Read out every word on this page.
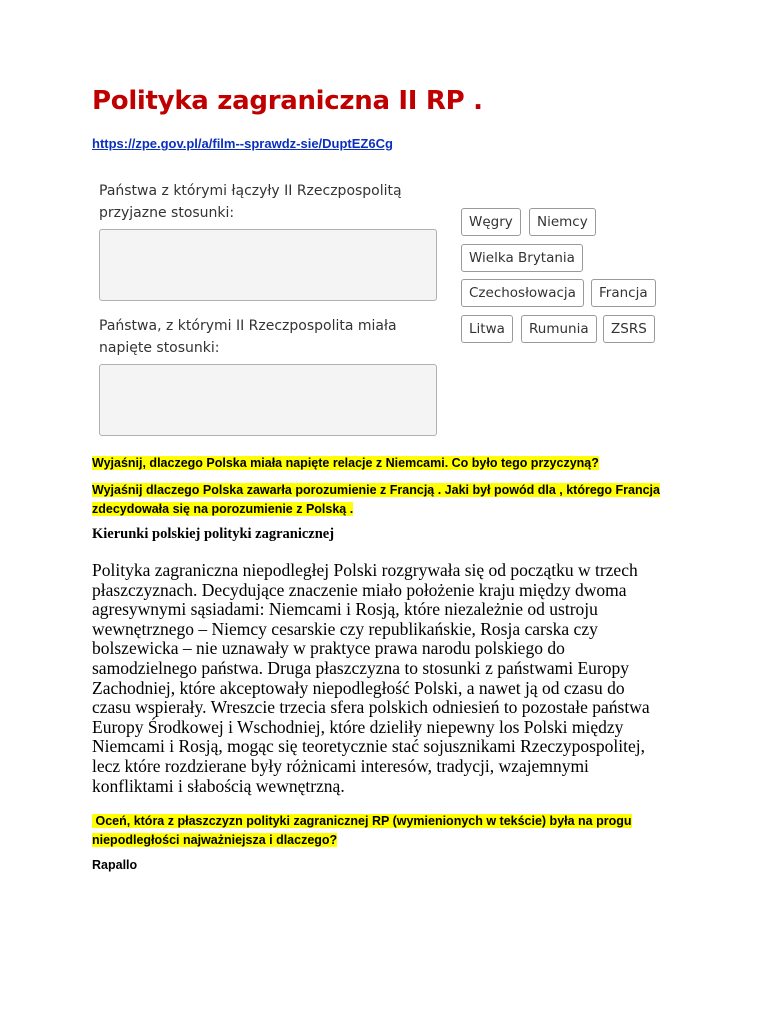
Polityka zagraniczna II RP .
https://zpe.gov.pl/a/film--sprawdz-sie/DuptEZ6Cg
Państwa z którymi łączyły II Rzeczpospolitą przyjazne stosunki:
Państwa, z którymi II Rzeczpospolita miała napięte stosunki:
Węgry	Niemcy
Wielka Brytania
Czechosłowacja	Francja
Litwa	Rumunia	ZSRS
Wyjaśnij, dlaczego Polska miała napięte relacje z Niemcami. Co było tego przyczyną?
Wyjaśnij dlaczego Polska zawarła porozumienie z Francją . Jaki był powód dla , którego Francja
zdecydowała się na porozumienie z Polską .
Kierunki polskiej polityki zagranicznej
Polityka zagraniczna niepodległej Polski rozgrywała się od początku w trzech
płaszczyznach. Decydujące znaczenie miało położenie kraju między dwoma
agresywnymi sąsiadami: Niemcami i Rosją, które niezależnie od ustroju
wewnętrznego – Niemcy cesarskie czy republikańskie, Rosja carska czy
bolszewicka – nie uznawały w praktyce prawa narodu polskiego do
samodzielnego państwa. Druga płaszczyzna to stosunki z państwami Europy
Zachodniej, które akceptowały niepodległość Polski, a nawet ją od czasu do
czasu wspierały. Wreszcie trzecia sfera polskich odniesień to pozostałe państwa
Europy Środkowej i Wschodniej, które dzieliły niepewny los Polski między
Niemcami i Rosją, mogąc się teoretycznie stać sojusznikami Rzeczypospolitej,
lecz które rozdzierane były różnicami interesów, tradycji, wzajemnymi
konfliktami i słabością wewnętrzną.
Oceń, która z płaszczyzn polityki zagranicznej RP (wymienionych w tekście) była na progu
niepodległości najważniejsza i dlaczego?
Rapallo
